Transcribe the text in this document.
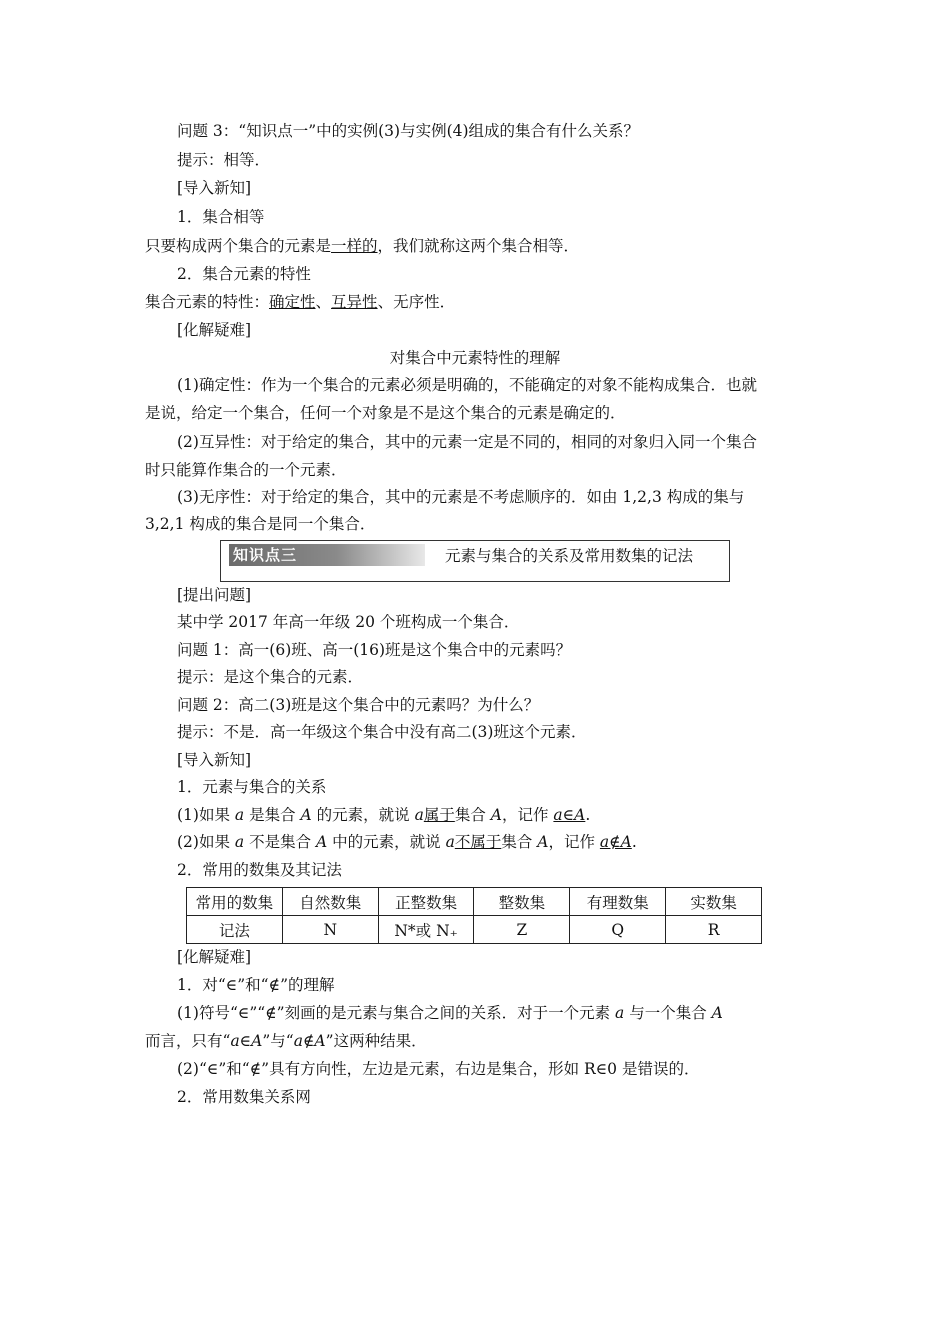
问题 3：“知识点一”中的实例(3)与实例(4)组成的集合有什么关系？
提示：相等．
[导入新知]
1．集合相等
只要构成两个集合的元素是一样的，我们就称这两个集合相等．
2．集合元素的特性
集合元素的特性：确定性、互异性、无序性．
[化解疑难]
对集合中元素特性的理解
(1)确定性：作为一个集合的元素必须是明确的，不能确定的对象不能构成集合．也就
是说，给定一个集合，任何一个对象是不是这个集合的元素是确定的．
(2)互异性：对于给定的集合，其中的元素一定是不同的，相同的对象归入同一个集合
时只能算作集合的一个元素．
(3)无序性：对于给定的集合，其中的元素是不考虑顺序的．如由 1,2,3 构成的集与
3,2,1 构成的集合是同一个集合．
知识点三	元素与集合的关系及常用数集的记法
[提出问题]
某中学 2017 年高一年级 20 个班构成一个集合．
问题 1：高一(6)班、高一(16)班是这个集合中的元素吗？
提示：是这个集合的元素．
问题 2：高二(3)班是这个集合中的元素吗？为什么？
提示：不是．高一年级这个集合中没有高二(3)班这个元素．
[导入新知]
1．元素与集合的关系
(1)如果 a 是集合 A 的元素，就说 a属于集合 A，记作 a∈A.
(2)如果 a 不是集合 A 中的元素，就说 a不属于集合 A，记作 a∉A.
2．常用的数集及其记法
常用的数集	自然数集	正整数集	整数集	有理数集	实数集
记法	N	N*或 N₊	Z	Q	R
[化解疑难]
1．对“∈”和“∉”的理解
(1)符号“∈”“∉”刻画的是元素与集合之间的关系．对于一个元素 a 与一个集合 A
而言，只有“a∈A”与“a∉A”这两种结果．
(2)“∈”和“∉”具有方向性，左边是元素，右边是集合，形如 R∈0 是错误的．
2．常用数集关系网
